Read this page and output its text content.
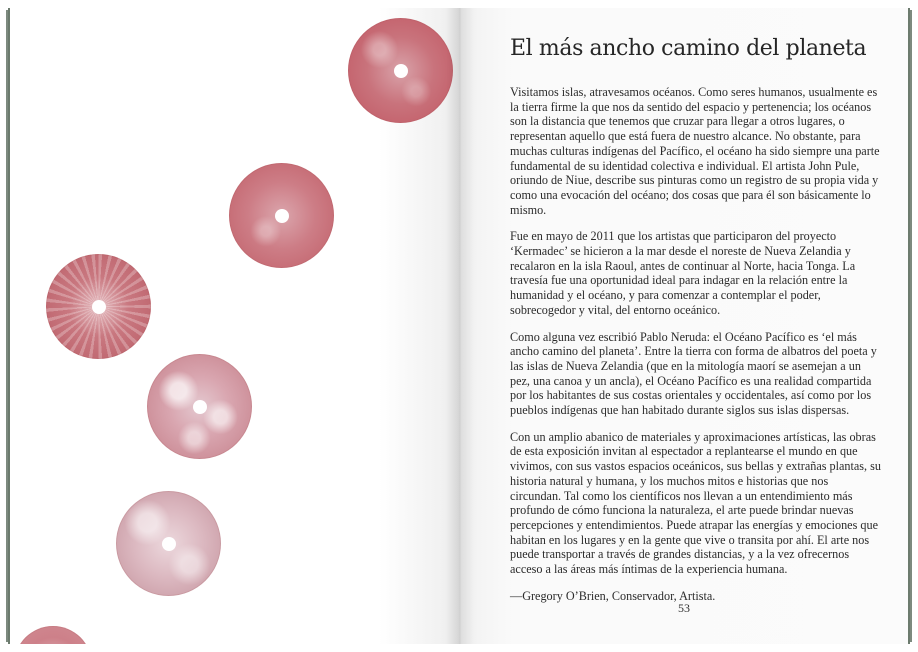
El más ancho camino del planeta

Visitamos islas, atravesamos océanos. Como seres humanos, usualmente es la tierra firme la que nos da sentido del espacio y pertenencia; los océanos son la distancia que tenemos que cruzar para llegar a otros lugares, o representan aquello que está fuera de nuestro alcance. No obstante, para muchas culturas indígenas del Pacífico, el océano ha sido siempre una parte fundamental de su identidad colectiva e individual. El artista John Pule, oriundo de Niue, describe sus pinturas como un registro de su propia vida y como una evocación del océano; dos cosas que para él son básicamente lo mismo.

Fue en mayo de 2011 que los artistas que participaron del proyecto ‘Kermadec’ se hicieron a la mar desde el noreste de Nueva Zelandia y recalaron en la isla Raoul, antes de continuar al Norte, hacia Tonga. La travesía fue una oportunidad ideal para indagar en la relación entre la humanidad y el océano, y para comenzar a contemplar el poder, sobrecogedor y vital, del entorno oceánico.

Como alguna vez escribió Pablo Neruda: el Océano Pacífico es ‘el más ancho camino del planeta’. Entre la tierra con forma de albatros del poeta y las islas de Nueva Zelandia (que en la mitología maorí se asemejan a un pez, una canoa y un ancla), el Océano Pacífico es una realidad compartida por los habitantes de sus costas orientales y occidentales, así como por los pueblos indígenas que han habitado durante siglos sus islas dispersas.

Con un amplio abanico de materiales y aproximaciones artísticas, las obras de esta exposición invitan al espectador a replantearse el mundo en que vivimos, con sus vastos espacios oceánicos, sus bellas y extrañas plantas, su historia natural y humana, y los muchos mitos e historias que nos circundan. Tal como los científicos nos llevan a un entendimiento más profundo de cómo funciona la naturaleza, el arte puede brindar nuevas percepciones y entendimientos. Puede atrapar las energías y emociones que habitan en los lugares y en la gente que vive o transita por ahí. El arte nos puede transportar a través de grandes distancias, y a la vez ofrecernos acceso a las áreas más íntimas de la experiencia humana.

—Gregory O’Brien, Conservador, Artista.

53
